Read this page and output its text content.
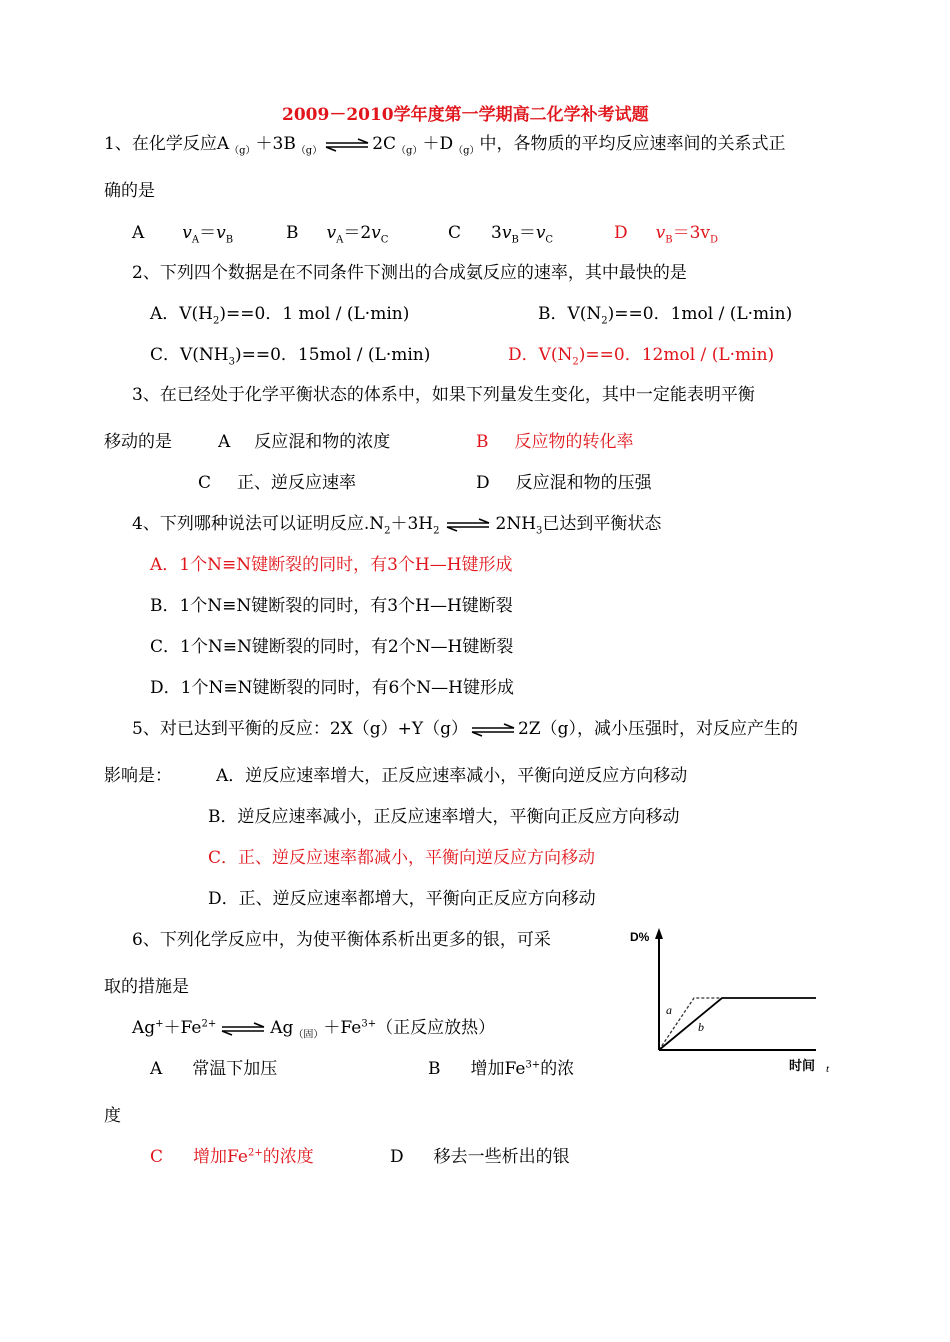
2009－2010学年度第一学期高二化学补考试题
1、在化学反应$A_{(g)}+3B_{(g)}$	$2C_{(g)}+D_{(g)}$中，各物质的平均反应速率间的关系式正
确的是
A $v_A=v_B$	B $v_A=2v_C$	C $3v_B=v_C$	D $v_B=3v_D$
2、下列四个数据是在不同条件下测出的合成氨反应的速率，其中最快的是
A．$V(H_2)==0$．1 mol / (L·min)	B．$V(N_2)==0$．1mol / (L·min)
C．$V(NH_3)==0$．15mol / (L·min)	D．$V(N_2)==0$．12mol / (L·min)
3、在已经处于化学平衡状态的体系中，如果下列量发生变化，其中一定能表明平衡
移动的是	A 反应混和物的浓度	B 反应物的转化率
C 正、逆反应速率	D 反应混和物的压强
4、下列哪种说法可以证明反应$.N_2+3H_2$	$2NH_3$已达到平衡状态
A．1个N≡N键断裂的同时，有3个H—H键形成
B．1个N≡N键断裂的同时，有3个H—H键断裂
C．1个N≡N键断裂的同时，有2个N—H键断裂
D．1个N≡N键断裂的同时，有6个N—H键形成
5、对已达到平衡的反应：2X（g）+Y（g）	2Z（g），减小压强时，对反应产生的
影响是：	A．逆反应速率增大，正反应速率减小，平衡向逆反应方向移动
B．逆反应速率减小，正反应速率增大，平衡向正反应方向移动
C．正、逆反应速率都减小，平衡向逆反应方向移动
D．正、逆反应速率都增大，平衡向正反应方向移动
6、下列化学反应中，为使平衡体系析出更多的银，可采
取的措施是
$Ag^++Fe^{2+}$	$Ag_{(固)}+Fe^{3+}$（正反应放热）
A 常温下加压	B 增加$Fe^{3+}$的浓
度
C 增加$Fe^{2+}$的浓度	D 移去一些析出的银
D%
时间 t
a
b
